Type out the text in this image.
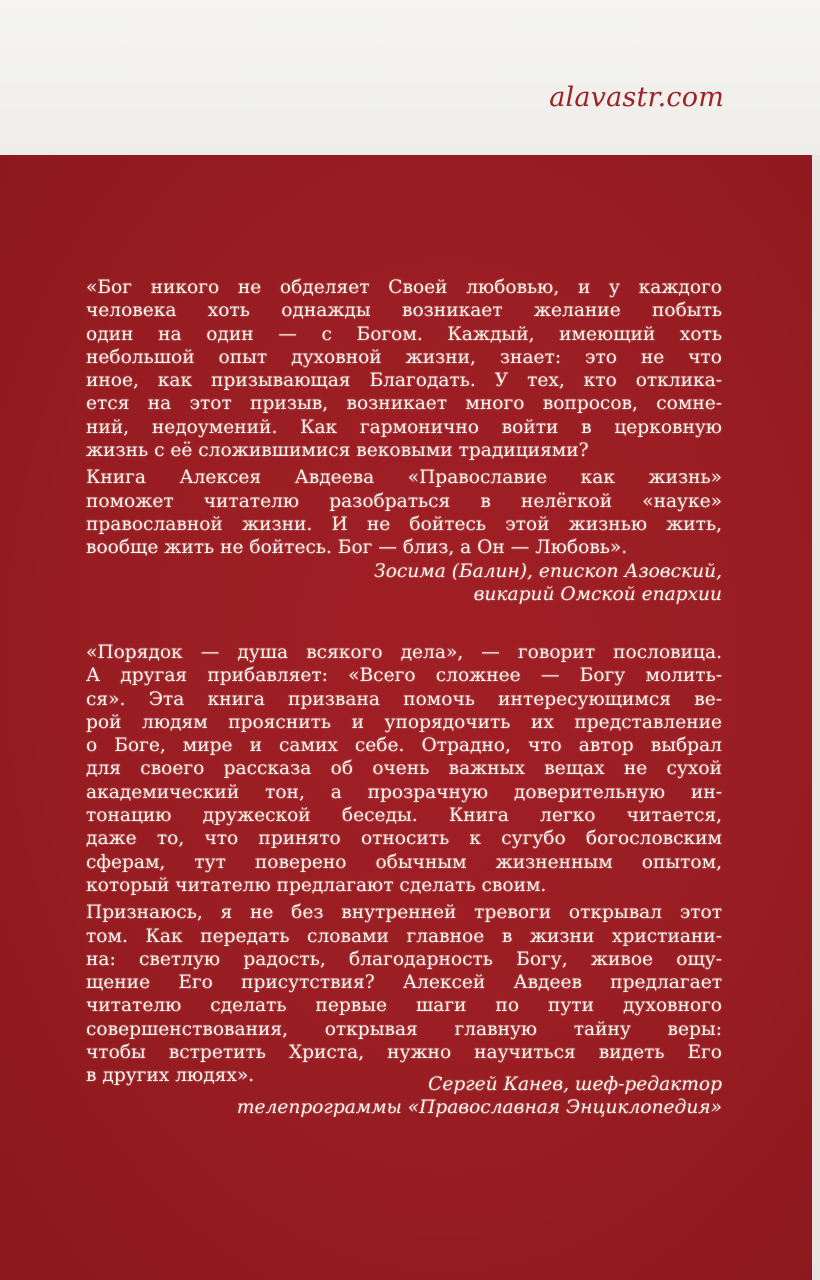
alavastr.com
«Бог никого не обделяет Своей любовью, и у каждого
человека хоть однажды возникает желание побыть
один на один — с Богом. Каждый, имеющий хоть
небольшой опыт духовной жизни, знает: это не что
иное, как призывающая Благодать. У тех, кто отклика-
ется на этот призыв, возникает много вопросов, сомне-
ний, недоумений. Как гармонично войти в церковную
жизнь с её сложившимися вековыми традициями?
Книга Алексея Авдеева «Православие как жизнь»
поможет читателю разобраться в нелёгкой «науке»
православной жизни. И не бойтесь этой жизнью жить,
вообще жить не бойтесь. Бог — близ, а Он — Любовь».
Зосима (Балин), епископ Азовский,
викарий Омской епархии
«Порядок — душа всякого дела», — говорит пословица.
А другая прибавляет: «Всего сложнее — Богу молить-
ся». Эта книга призвана помочь интересующимся ве-
рой людям прояснить и упорядочить их представление
о Боге, мире и самих себе. Отрадно, что автор выбрал
для своего рассказа об очень важных вещах не сухой
академический тон, а прозрачную доверительную ин-
тонацию дружеской беседы. Книга легко читается,
даже то, что принято относить к сугубо богословским
сферам, тут поверено обычным жизненным опытом,
который читателю предлагают сделать своим.
Признаюсь, я не без внутренней тревоги открывал этот
том. Как передать словами главное в жизни христиани-
на: светлую радость, благодарность Богу, живое ощу-
щение Его присутствия? Алексей Авдеев предлагает
читателю сделать первые шаги по пути духовного
совершенствования, открывая главную тайну веры:
чтобы встретить Христа, нужно научиться видеть Его
в других людях».	Сергей Канев, шеф-редактор
телепрограммы «Православная Энциклопедия»
